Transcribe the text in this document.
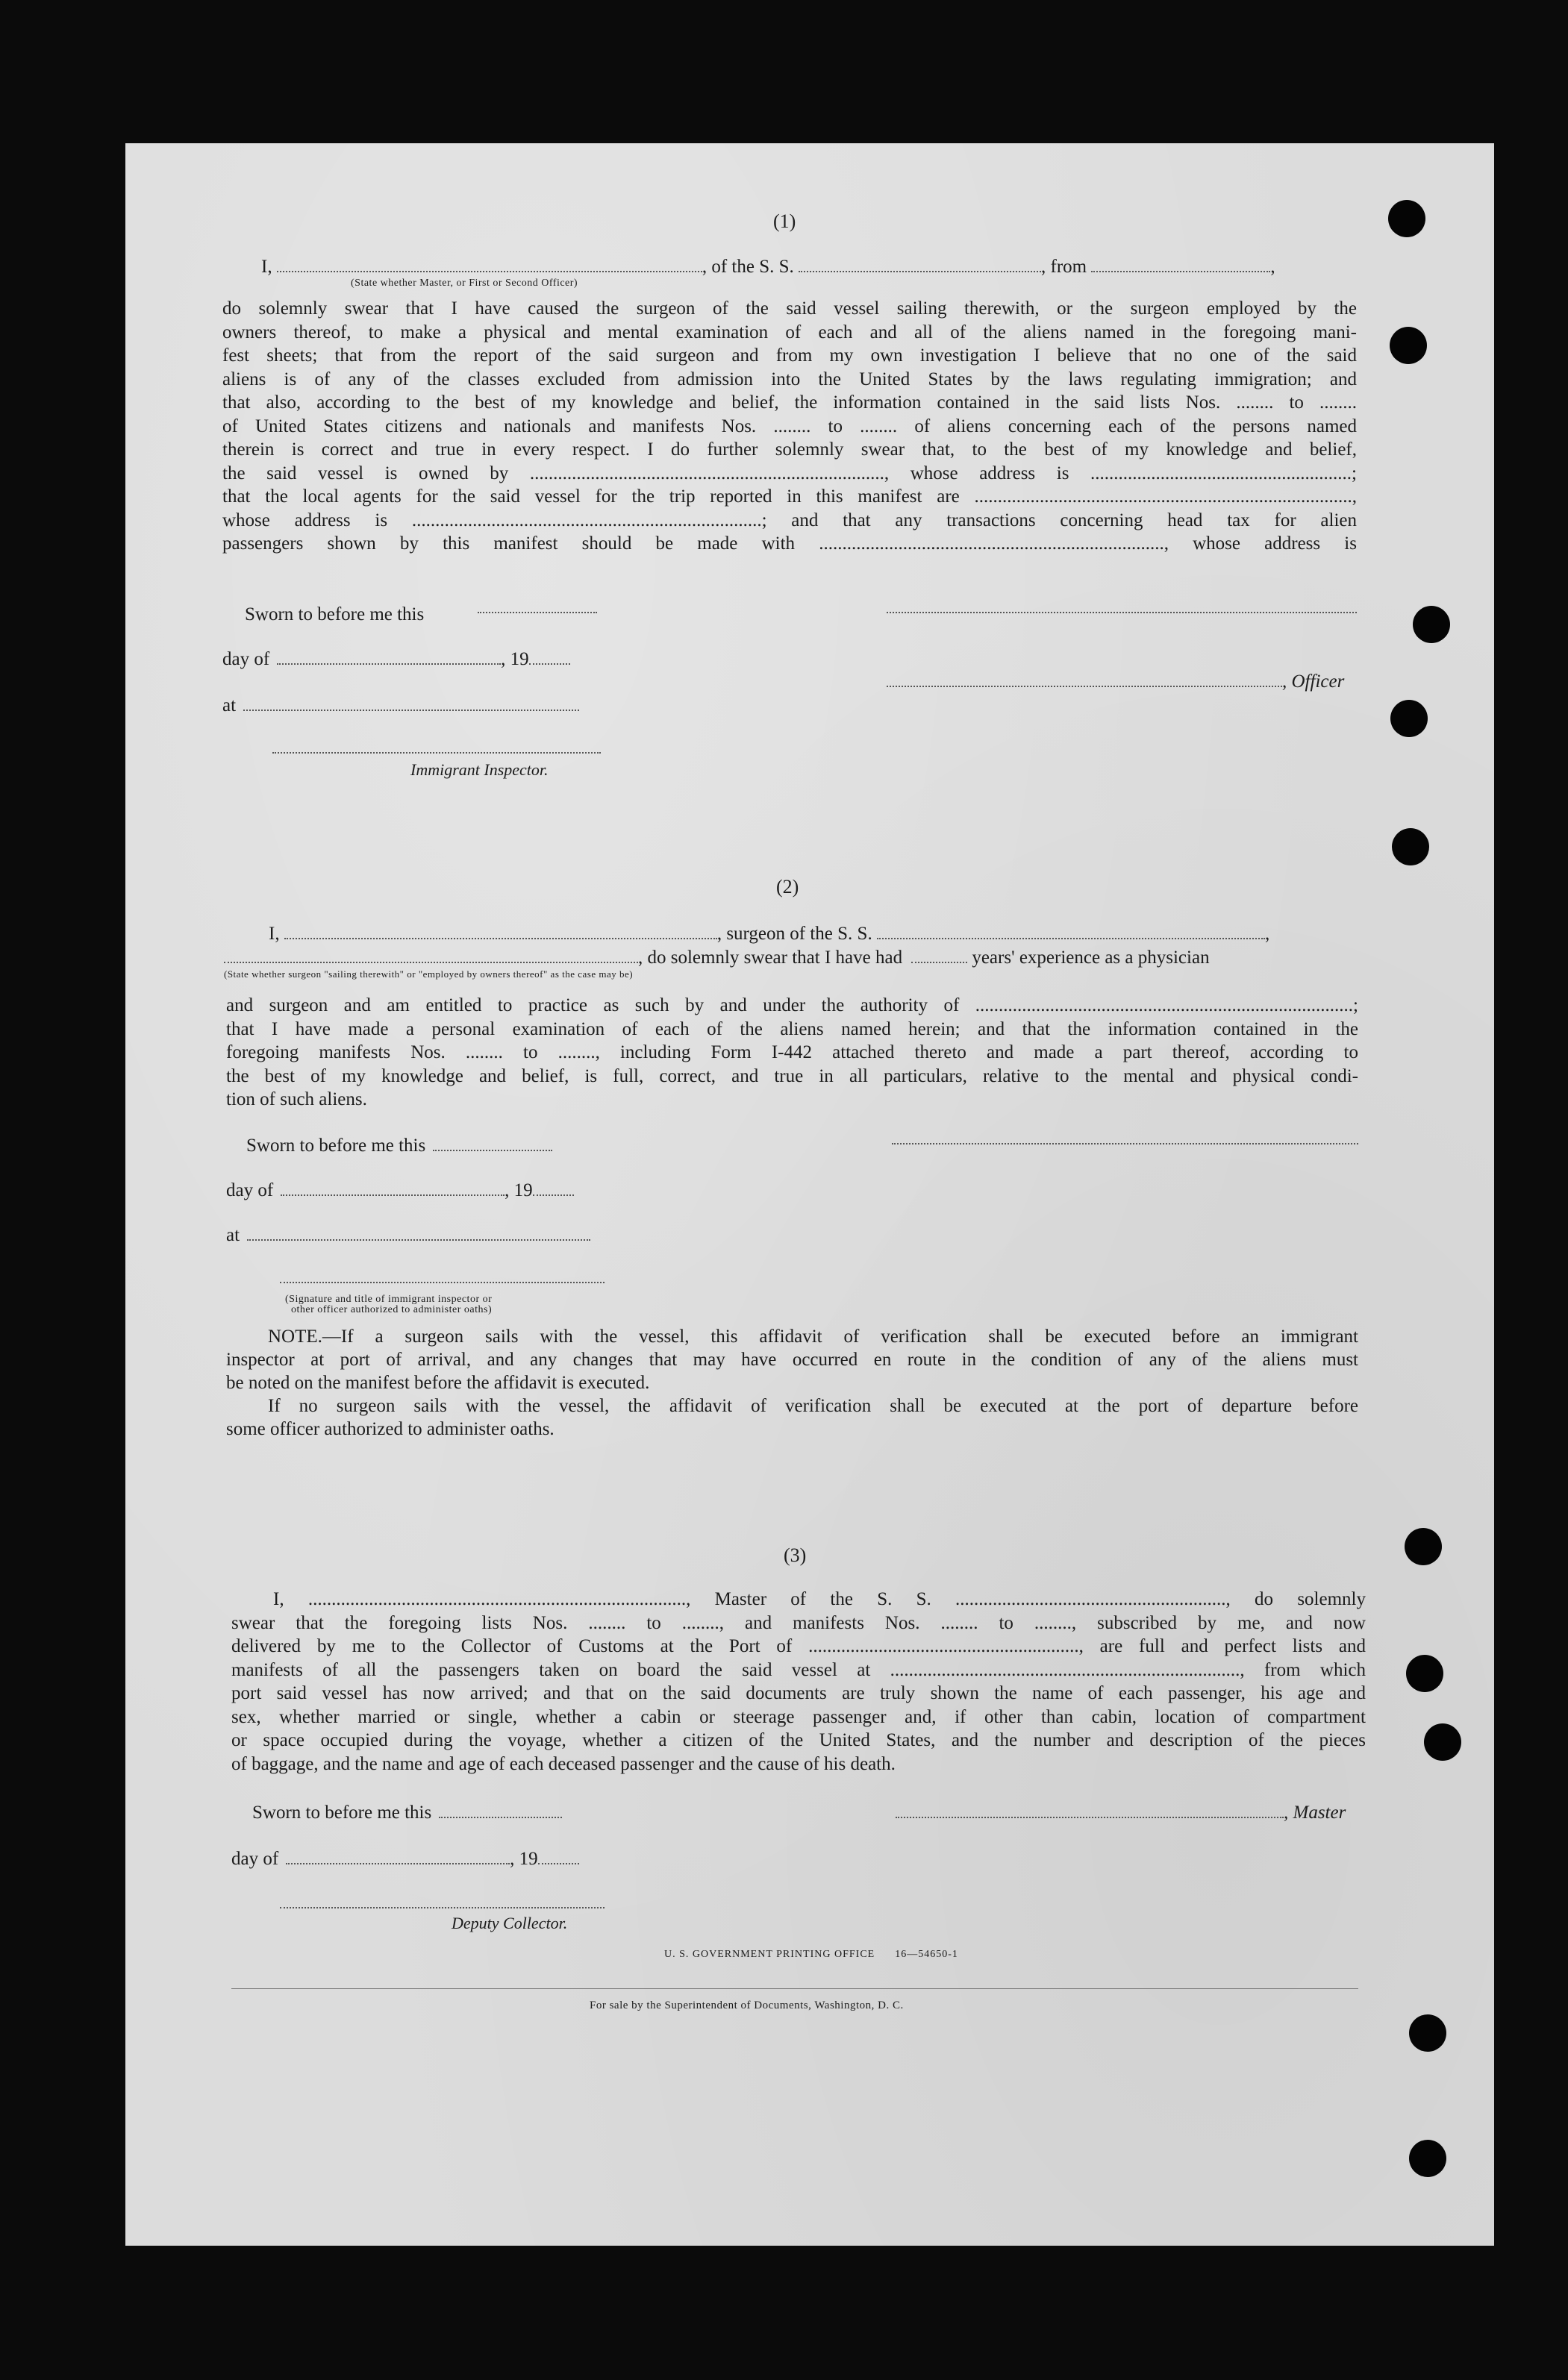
(1)
I,	, of the S. S.	, from	,
(State whether Master, or First or Second Officer)
do solemnly swear that I have caused the surgeon of the said vessel sailing therewith, or the surgeon employed by the
owners thereof, to make a physical and mental examination of each and all of the aliens named in the foregoing mani-
fest sheets; that from the report of the said surgeon and from my own investigation I believe that no one of the said
aliens is of any of the classes excluded from admission into the United States by the laws regulating immigration; and
that also, according to the best of my knowledge and belief, the information contained in the said lists Nos. ........ to ........
of United States citizens and nationals and manifests Nos. ........ to ........ of aliens concerning each of the persons named
therein is correct and true in every respect. I do further solemnly swear that, to the best of my knowledge and belief,
the said vessel is owned by ............................................................................, whose address is ........................................................;
that the local agents for the said vessel for the trip reported in this manifest are .................................................................................,
whose address is ...........................................................................; and that any transactions concerning head tax for alien
passengers shown by this manifest should be made with .........................................................................., whose address is
Sworn to before me this
day of	, 19
at
, Officer
Immigrant Inspector.
(2)
I,	, surgeon of the S. S.	,
, do solemnly swear that I have had	years' experience as a physician
(State whether surgeon "sailing therewith" or "employed by owners thereof" as the case may be)
and surgeon and am entitled to practice as such by and under the authority of .................................................................................;
that I have made a personal examination of each of the aliens named herein; and that the information contained in the
foregoing manifests Nos. ........ to ........, including Form I-442 attached thereto and made a part thereof, according to
the best of my knowledge and belief, is full, correct, and true in all particulars, relative to the mental and physical condi-
tion of such aliens.
Sworn to before me this
day of	, 19
at
(Signature and title of immigrant inspector or
other officer authorized to administer oaths)
NOTE.—If a surgeon sails with the vessel, this affidavit of verification shall be executed before an immigrant
inspector at port of arrival, and any changes that may have occurred en route in the condition of any of the aliens must
be noted on the manifest before the affidavit is executed.
If no surgeon sails with the vessel, the affidavit of verification shall be executed at the port of departure before
some officer authorized to administer oaths.
(3)
I, ................................................................................., Master of the S. S. .........................................................., do solemnly
swear that the foregoing lists Nos. ........ to ........, and manifests Nos. ........ to ........, subscribed by me, and now
delivered by me to the Collector of Customs at the Port of .........................................................., are full and perfect lists and
manifests of all the passengers taken on board the said vessel at ..........................................................................., from which
port said vessel has now arrived; and that on the said documents are truly shown the name of each passenger, his age and
sex, whether married or single, whether a cabin or steerage passenger and, if other than cabin, location of compartment
or space occupied during the voyage, whether a citizen of the United States, and the number and description of the pieces
of baggage, and the name and age of each deceased passenger and the cause of his death.
Sworn to before me this	, Master
day of	, 19
Deputy Collector.
U. S. GOVERNMENT PRINTING OFFICE 16—54650-1
For sale by the Superintendent of Documents, Washington, D. C.
